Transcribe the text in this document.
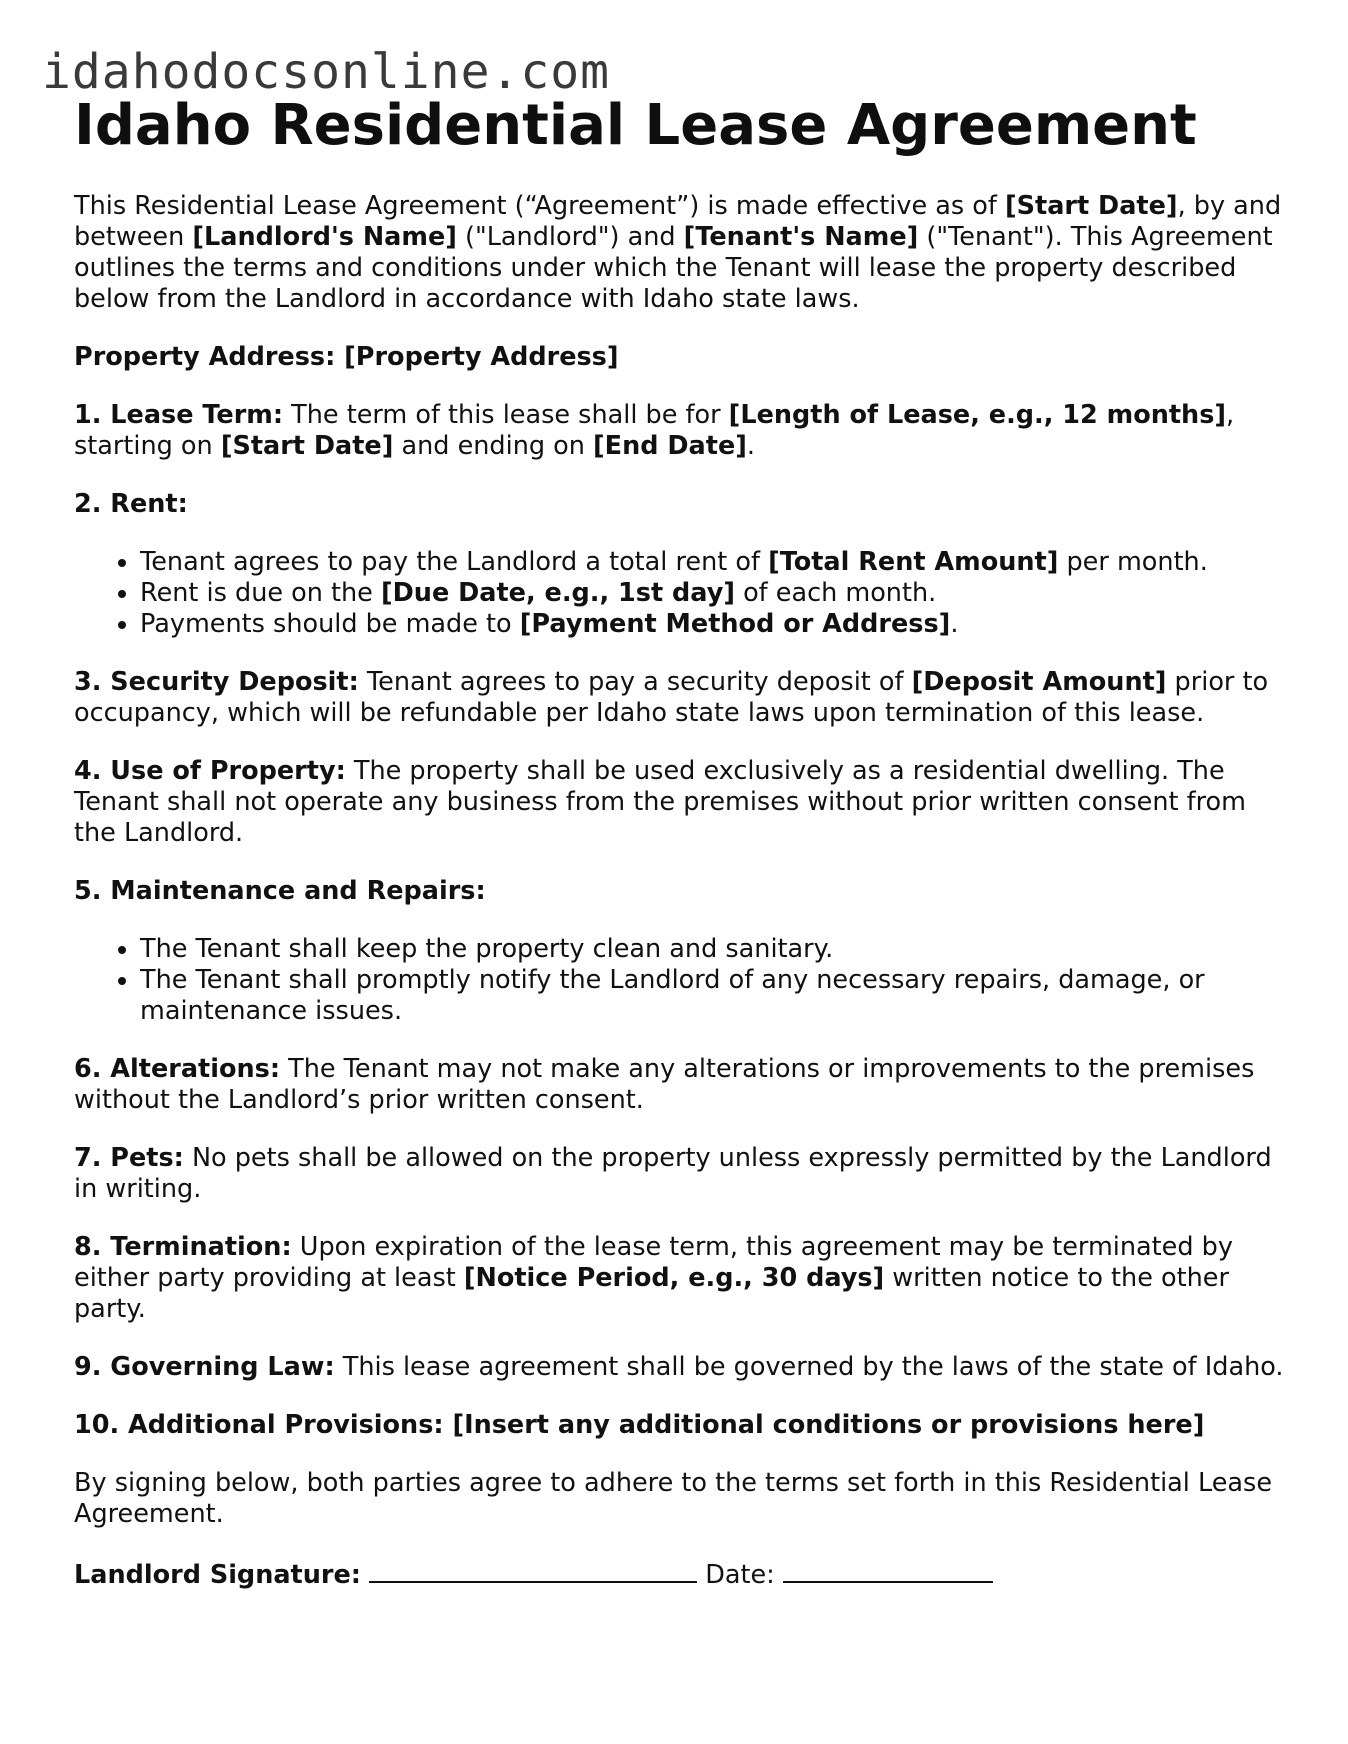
idahodocsonline.com
Idaho Residential Lease Agreement

This Residential Lease Agreement (“Agreement”) is made effective as of [Start Date], by and between [Landlord's Name] ("Landlord") and [Tenant's Name] ("Tenant"). This Agreement outlines the terms and conditions under which the Tenant will lease the property described below from the Landlord in accordance with Idaho state laws.

Property Address: [Property Address]

1. Lease Term: The term of this lease shall be for [Length of Lease, e.g., 12 months], starting on [Start Date] and ending on [End Date].

2. Rent:

• Tenant agrees to pay the Landlord a total rent of [Total Rent Amount] per month.
• Rent is due on the [Due Date, e.g., 1st day] of each month.
• Payments should be made to [Payment Method or Address].

3. Security Deposit: Tenant agrees to pay a security deposit of [Deposit Amount] prior to occupancy, which will be refundable per Idaho state laws upon termination of this lease.

4. Use of Property: The property shall be used exclusively as a residential dwelling. The Tenant shall not operate any business from the premises without prior written consent from the Landlord.

5. Maintenance and Repairs:

• The Tenant shall keep the property clean and sanitary.
• The Tenant shall promptly notify the Landlord of any necessary repairs, damage, or maintenance issues.

6. Alterations: The Tenant may not make any alterations or improvements to the premises without the Landlord’s prior written consent.

7. Pets: No pets shall be allowed on the property unless expressly permitted by the Landlord in writing.

8. Termination: Upon expiration of the lease term, this agreement may be terminated by either party providing at least [Notice Period, e.g., 30 days] written notice to the other party.

9. Governing Law: This lease agreement shall be governed by the laws of the state of Idaho.

10. Additional Provisions: [Insert any additional conditions or provisions here]

By signing below, both parties agree to adhere to the terms set forth in this Residential Lease Agreement.

Landlord Signature:	Date:
